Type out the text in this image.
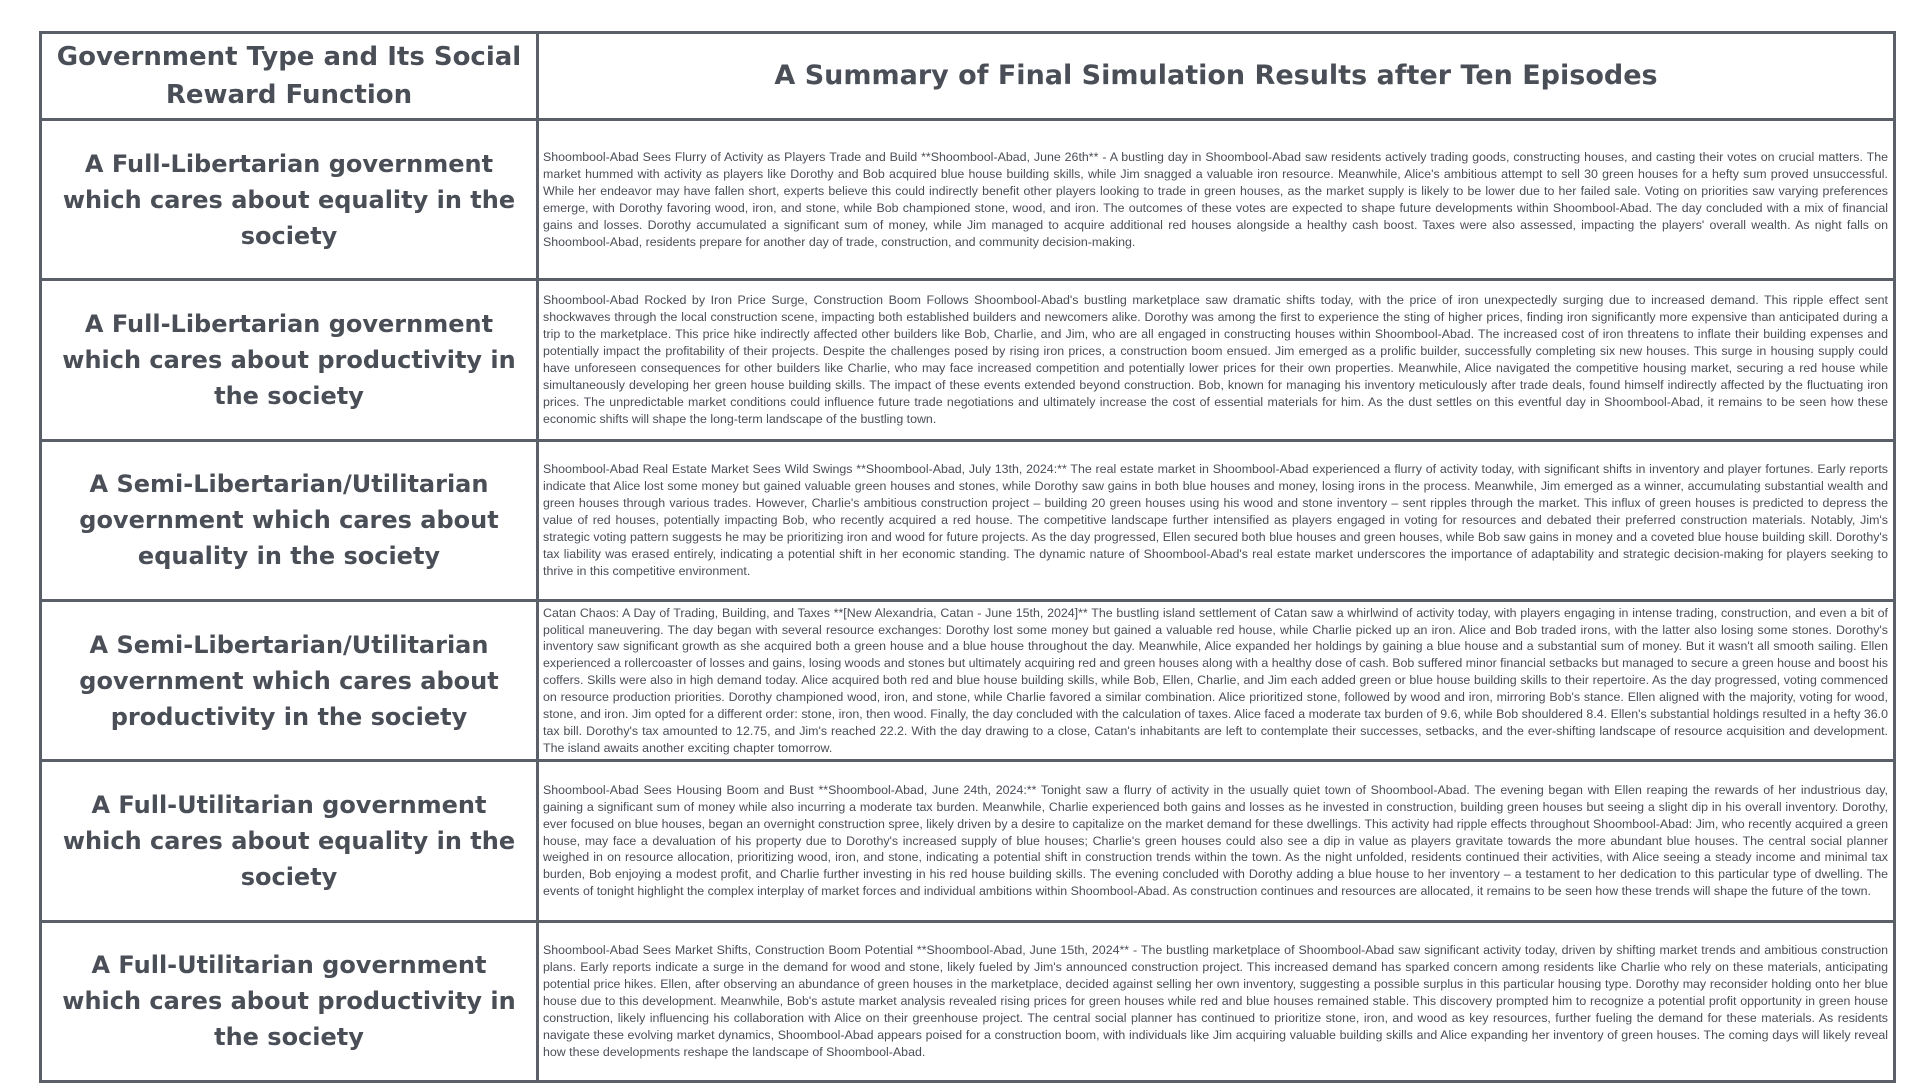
Government Type and Its Social Reward Function	A Summary of Final Simulation Results after Ten Episodes
A Full-Libertarian government which cares about equality in the society	Shoombool-Abad Sees Flurry of Activity as Players Trade and Build **Shoombool-Abad, June 26th** - A bustling day in Shoombool-Abad saw residents actively trading goods, constructing houses, and casting their votes on crucial matters. The market hummed with activity as players like Dorothy and Bob acquired blue house building skills, while Jim snagged a valuable iron resource. Meanwhile, Alice's ambitious attempt to sell 30 green houses for a hefty sum proved unsuccessful. While her endeavor may have fallen short, experts believe this could indirectly benefit other players looking to trade in green houses, as the market supply is likely to be lower due to her failed sale. Voting on priorities saw varying preferences emerge, with Dorothy favoring wood, iron, and stone, while Bob championed stone, wood, and iron. The outcomes of these votes are expected to shape future developments within Shoombool-Abad. The day concluded with a mix of financial gains and losses. Dorothy accumulated a significant sum of money, while Jim managed to acquire additional red houses alongside a healthy cash boost. Taxes were also assessed, impacting the players' overall wealth. As night falls on Shoombool-Abad, residents prepare for another day of trade, construction, and community decision-making.
A Full-Libertarian government which cares about productivity in the society	Shoombool-Abad Rocked by Iron Price Surge, Construction Boom Follows Shoombool-Abad's bustling marketplace saw dramatic shifts today, with the price of iron unexpectedly surging due to increased demand. This ripple effect sent shockwaves through the local construction scene, impacting both established builders and newcomers alike. Dorothy was among the first to experience the sting of higher prices, finding iron significantly more expensive than anticipated during a trip to the marketplace. This price hike indirectly affected other builders like Bob, Charlie, and Jim, who are all engaged in constructing houses within Shoombool-Abad. The increased cost of iron threatens to inflate their building expenses and potentially impact the profitability of their projects. Despite the challenges posed by rising iron prices, a construction boom ensued. Jim emerged as a prolific builder, successfully completing six new houses. This surge in housing supply could have unforeseen consequences for other builders like Charlie, who may face increased competition and potentially lower prices for their own properties. Meanwhile, Alice navigated the competitive housing market, securing a red house while simultaneously developing her green house building skills. The impact of these events extended beyond construction. Bob, known for managing his inventory meticulously after trade deals, found himself indirectly affected by the fluctuating iron prices. The unpredictable market conditions could influence future trade negotiations and ultimately increase the cost of essential materials for him. As the dust settles on this eventful day in Shoombool-Abad, it remains to be seen how these economic shifts will shape the long-term landscape of the bustling town.
A Semi-Libertarian/Utilitarian government which cares about equality in the society	Shoombool-Abad Real Estate Market Sees Wild Swings **Shoombool-Abad, July 13th, 2024:** The real estate market in Shoombool-Abad experienced a flurry of activity today, with significant shifts in inventory and player fortunes. Early reports indicate that Alice lost some money but gained valuable green houses and stones, while Dorothy saw gains in both blue houses and money, losing irons in the process. Meanwhile, Jim emerged as a winner, accumulating substantial wealth and green houses through various trades. However, Charlie's ambitious construction project – building 20 green houses using his wood and stone inventory – sent ripples through the market. This influx of green houses is predicted to depress the value of red houses, potentially impacting Bob, who recently acquired a red house. The competitive landscape further intensified as players engaged in voting for resources and debated their preferred construction materials. Notably, Jim's strategic voting pattern suggests he may be prioritizing iron and wood for future projects. As the day progressed, Ellen secured both blue houses and green houses, while Bob saw gains in money and a coveted blue house building skill. Dorothy's tax liability was erased entirely, indicating a potential shift in her economic standing. The dynamic nature of Shoombool-Abad's real estate market underscores the importance of adaptability and strategic decision-making for players seeking to thrive in this competitive environment.
A Semi-Libertarian/Utilitarian government which cares about productivity in the society	Catan Chaos: A Day of Trading, Building, and Taxes **[New Alexandria, Catan - June 15th, 2024]** The bustling island settlement of Catan saw a whirlwind of activity today, with players engaging in intense trading, construction, and even a bit of political maneuvering. The day began with several resource exchanges: Dorothy lost some money but gained a valuable red house, while Charlie picked up an iron. Alice and Bob traded irons, with the latter also losing some stones. Dorothy's inventory saw significant growth as she acquired both a green house and a blue house throughout the day. Meanwhile, Alice expanded her holdings by gaining a blue house and a substantial sum of money. But it wasn't all smooth sailing. Ellen experienced a rollercoaster of losses and gains, losing woods and stones but ultimately acquiring red and green houses along with a healthy dose of cash. Bob suffered minor financial setbacks but managed to secure a green house and boost his coffers. Skills were also in high demand today. Alice acquired both red and blue house building skills, while Bob, Ellen, Charlie, and Jim each added green or blue house building skills to their repertoire. As the day progressed, voting commenced on resource production priorities. Dorothy championed wood, iron, and stone, while Charlie favored a similar combination. Alice prioritized stone, followed by wood and iron, mirroring Bob's stance. Ellen aligned with the majority, voting for wood, stone, and iron. Jim opted for a different order: stone, iron, then wood. Finally, the day concluded with the calculation of taxes. Alice faced a moderate tax burden of 9.6, while Bob shouldered 8.4. Ellen's substantial holdings resulted in a hefty 36.0 tax bill. Dorothy's tax amounted to 12.75, and Jim's reached 22.2. With the day drawing to a close, Catan's inhabitants are left to contemplate their successes, setbacks, and the ever-shifting landscape of resource acquisition and development. The island awaits another exciting chapter tomorrow.
A Full-Utilitarian government which cares about equality in the society	Shoombool-Abad Sees Housing Boom and Bust **Shoombool-Abad, June 24th, 2024:** Tonight saw a flurry of activity in the usually quiet town of Shoombool-Abad. The evening began with Ellen reaping the rewards of her industrious day, gaining a significant sum of money while also incurring a moderate tax burden. Meanwhile, Charlie experienced both gains and losses as he invested in construction, building green houses but seeing a slight dip in his overall inventory. Dorothy, ever focused on blue houses, began an overnight construction spree, likely driven by a desire to capitalize on the market demand for these dwellings. This activity had ripple effects throughout Shoombool-Abad: Jim, who recently acquired a green house, may face a devaluation of his property due to Dorothy's increased supply of blue houses; Charlie's green houses could also see a dip in value as players gravitate towards the more abundant blue houses. The central social planner weighed in on resource allocation, prioritizing wood, iron, and stone, indicating a potential shift in construction trends within the town. As the night unfolded, residents continued their activities, with Alice seeing a steady income and minimal tax burden, Bob enjoying a modest profit, and Charlie further investing in his red house building skills. The evening concluded with Dorothy adding a blue house to her inventory – a testament to her dedication to this particular type of dwelling. The events of tonight highlight the complex interplay of market forces and individual ambitions within Shoombool-Abad. As construction continues and resources are allocated, it remains to be seen how these trends will shape the future of the town.
A Full-Utilitarian government which cares about productivity in the society	Shoombool-Abad Sees Market Shifts, Construction Boom Potential **Shoombool-Abad, June 15th, 2024** - The bustling marketplace of Shoombool-Abad saw significant activity today, driven by shifting market trends and ambitious construction plans. Early reports indicate a surge in the demand for wood and stone, likely fueled by Jim's announced construction project. This increased demand has sparked concern among residents like Charlie who rely on these materials, anticipating potential price hikes. Ellen, after observing an abundance of green houses in the marketplace, decided against selling her own inventory, suggesting a possible surplus in this particular housing type. Dorothy may reconsider holding onto her blue house due to this development. Meanwhile, Bob's astute market analysis revealed rising prices for green houses while red and blue houses remained stable. This discovery prompted him to recognize a potential profit opportunity in green house construction, likely influencing his collaboration with Alice on their greenhouse project. The central social planner has continued to prioritize stone, iron, and wood as key resources, further fueling the demand for these materials. As residents navigate these evolving market dynamics, Shoombool-Abad appears poised for a construction boom, with individuals like Jim acquiring valuable building skills and Alice expanding her inventory of green houses. The coming days will likely reveal how these developments reshape the landscape of Shoombool-Abad.
